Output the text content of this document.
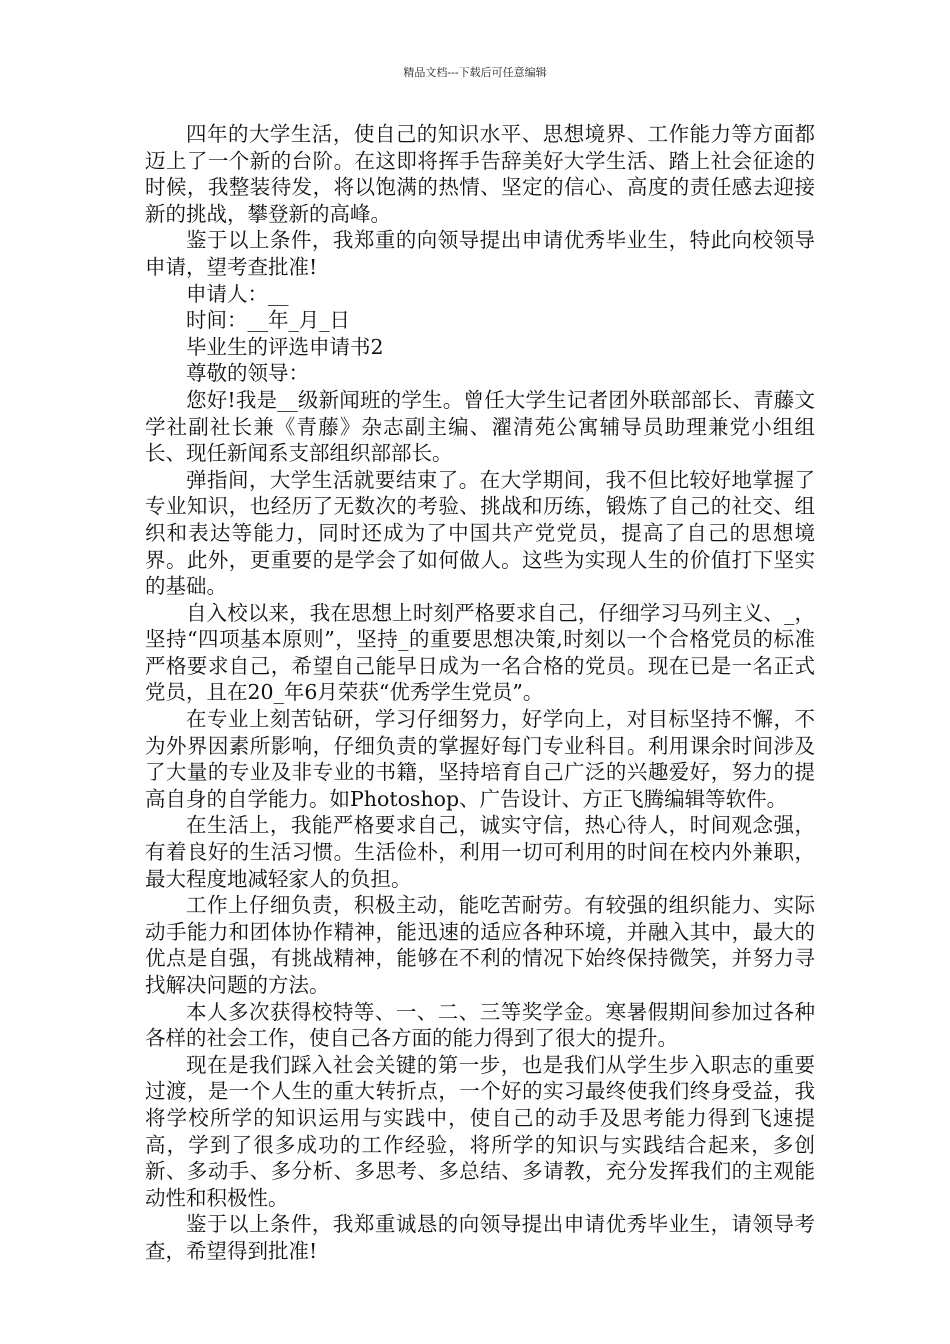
精品文档---下载后可任意编辑

四年的大学生活，使自己的知识水平、思想境界、工作能力等方面都迈上了一个新的台阶。在这即将挥手告辞美好大学生活、踏上社会征途的时候，我整装待发，将以饱满的热情、坚定的信心、高度的责任感去迎接新的挑战，攀登新的高峰。

鉴于以上条件，我郑重的向领导提出申请优秀毕业生，特此向校领导申请，望考查批准!

申请人：__

时间：__年_月_日

毕业生的评选申请书2

尊敬的领导：

您好!我是__级新闻班的学生。曾任大学生记者团外联部部长、青藤文学社副社长兼《青藤》杂志副主编、濯清苑公寓辅导员助理兼党小组组长、现任新闻系支部组织部部长。

弹指间，大学生活就要结束了。在大学期间，我不但比较好地掌握了专业知识，也经历了无数次的考验、挑战和历练，锻炼了自己的社交、组织和表达等能力，同时还成为了中国共产党党员，提高了自己的思想境界。此外，更重要的是学会了如何做人。这些为实现人生的价值打下坚实的基础。

自入校以来，我在思想上时刻严格要求自己，仔细学习马列主义、_，坚持“四项基本原则”，坚持_的重要思想决策,时刻以一个合格党员的标准严格要求自己，希望自己能早日成为一名合格的党员。现在已是一名正式党员，且在20_年6月荣获“优秀学生党员”。

在专业上刻苦钻研，学习仔细努力，好学向上，对目标坚持不懈，不为外界因素所影响，仔细负责的掌握好每门专业科目。利用课余时间涉及了大量的专业及非专业的书籍，坚持培育自己广泛的兴趣爱好，努力的提高自身的自学能力。如Photoshop、广告设计、方正飞腾编辑等软件。

在生活上，我能严格要求自己，诚实守信，热心待人，时间观念强，有着良好的生活习惯。生活俭朴，利用一切可利用的时间在校内外兼职，最大程度地减轻家人的负担。

工作上仔细负责，积极主动，能吃苦耐劳。有较强的组织能力、实际动手能力和团体协作精神，能迅速的适应各种环境，并融入其中，最大的优点是自强，有挑战精神，能够在不利的情况下始终保持微笑，并努力寻找解决问题的方法。

本人多次获得校特等、一、二、三等奖学金。寒暑假期间参加过各种各样的社会工作，使自己各方面的能力得到了很大的提升。

现在是我们踩入社会关键的第一步，也是我们从学生步入职志的重要过渡，是一个人生的重大转折点，一个好的实习最终使我们终身受益，我将学校所学的知识运用与实践中，使自己的动手及思考能力得到飞速提高，学到了很多成功的工作经验，将所学的知识与实践结合起来，多创新、多动手、多分析、多思考、多总结、多请教，充分发挥我们的主观能动性和积极性。

鉴于以上条件，我郑重诚恳的向领导提出申请优秀毕业生，请领导考查，希望得到批准!
